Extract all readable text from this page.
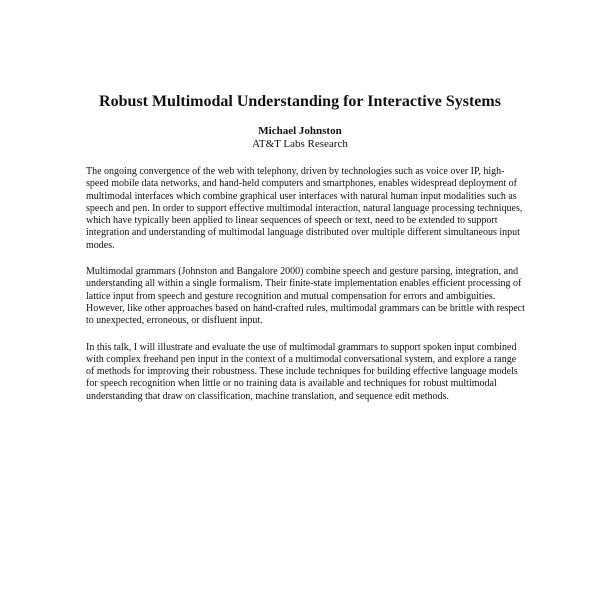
Robust Multimodal Understanding for Interactive Systems
Michael Johnston
AT&T Labs Research

The ongoing convergence of the web with telephony, driven by technologies such as voice over IP, high-speed mobile data networks, and hand-held computers and smartphones, enables widespread deployment of multimodal interfaces which combine graphical user interfaces with natural human input modalities such as speech and pen. In order to support effective multimodal interaction, natural language processing techniques, which have typically been applied to linear sequences of speech or text, need to be extended to support integration and understanding of multimodal language distributed over multiple different simultaneous input modes.

Multimodal grammars (Johnston and Bangalore 2000) combine speech and gesture parsing, integration, and understanding all within a single formalism. Their finite-state implementation enables efficient processing of lattice input from speech and gesture recognition and mutual compensation for errors and ambiguities. However, like other approaches based on hand-crafted rules, multimodal grammars can be brittle with respect to unexpected, erroneous, or disfluent input.

In this talk, I will illustrate and evaluate the use of multimodal grammars to support spoken input combined with complex freehand pen input in the context of a multimodal conversational system, and explore a range of methods for improving their robustness. These include techniques for building effective language models for speech recognition when little or no training data is available and techniques for robust multimodal understanding that draw on classification, machine translation, and sequence edit methods.
